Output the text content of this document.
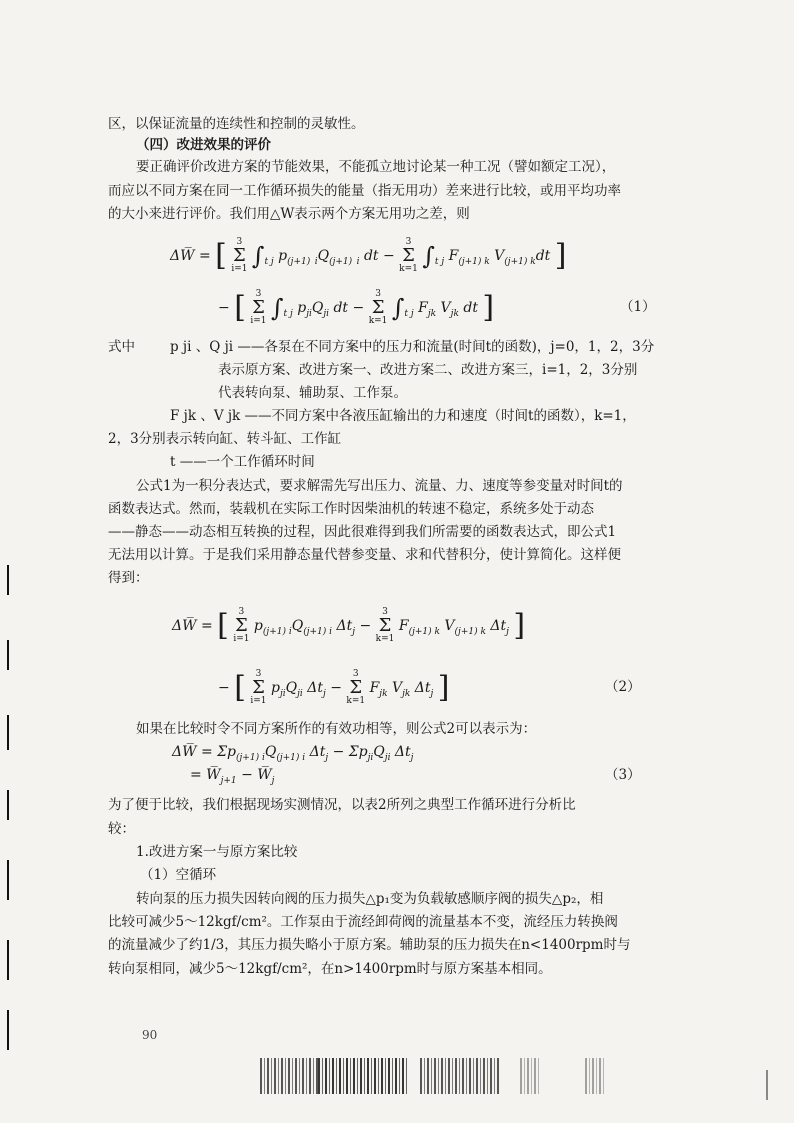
区，以保证流量的连续性和控制的灵敏性。
（四）改进效果的评价
要正确评价改进方案的节能效果，不能孤立地讨论某一种工况（譬如额定工况），
而应以不同方案在同一工作循环损失的能量（指无用功）差来进行比较，或用平均功率
的大小来进行评价。我们用△W表示两个方案无用功之差，则
ΔW̅ = [ 3
Σ
i=1 $\int_{t j}$ $p_{(j+1)}$ $_iQ_{(j+1)}$ $_i$ dt − 3
Σ
k=1 $\int_{t j}$ $F_{(j+1) k}$ $V_{(j+1) k}dt$ ]
− [ 3
Σ
i=1 $\int_{t j}$ $p_{ji}Q_{ji}$ dt − 3
Σ
k=1 $\int_{t j}$ $F_{jk}$ $V_{jk}$ dt ]	（1）
式中	p ji 、Q ji ——各泵在不同方案中的压力和流量(时间t的函数)，j=0，1，2，3分
表示原方案、改进方案一、改进方案二、改进方案三，i=1，2，3分别
代表转向泵、辅助泵、工作泵。
F jk 、V jk ——不同方案中各液压缸输出的力和速度（时间t的函数），k=1，
2，3分别表示转向缸、转斗缸、工作缸
t ——一个工作循环时间
公式1为一积分表达式，要求解需先写出压力、流量、力、速度等参变量对时间t的
函数表达式。然而，装载机在实际工作时因柴油机的转速不稳定，系统多处于动态
——静态——动态相互转换的过程，因此很难得到我们所需要的函数表达式，即公式1
无法用以计算。于是我们采用静态量代替参变量、求和代替积分，使计算简化。这样便
得到：
ΔW̅ = [ 3
Σ
i=1 $p_{(j+1) i}Q_{(j+1) i}$ $\Delta t_j - 3$
Σ
k=1 $F_{(j+1) k}$ $V_{(j+1) k}$ $\Delta t_j$ ]
− [ 3
Σ
i=1 $p_{ji}Q_{ji}$ $\Delta t_j - 3$
Σ
k=1 $F_{jk}$ $V_{jk}$ $\Delta t_j$ ]	（2）
如果在比较时令不同方案所作的有效功相等，则公式2可以表示为：
ΔW̅ = $\Sigma p_{(j+1) i}Q_{(j+1) i}$ $\Delta t_j - \Sigma p_{ji}Q_{ji}$ $\Delta t_j$
= $W̅_{j+1}$ − $W̅_j$	（3）
为了便于比较，我们根据现场实测情况，以表2所列之典型工作循环进行分析比
较：
1.改进方案一与原方案比较
（1）空循环
转向泵的压力损失因转向阀的压力损失△p₁变为负载敏感顺序阀的损失△p₂，相
比较可减少5～12kgf/cm²。工作泵由于流经卸荷阀的流量基本不变，流经压力转换阀
的流量减少了约1/3，其压力损失略小于原方案。辅助泵的压力损失在n<1400rpm时与
转向泵相同，减少5～12kgf/cm²，在n>1400rpm时与原方案基本相同。
90
